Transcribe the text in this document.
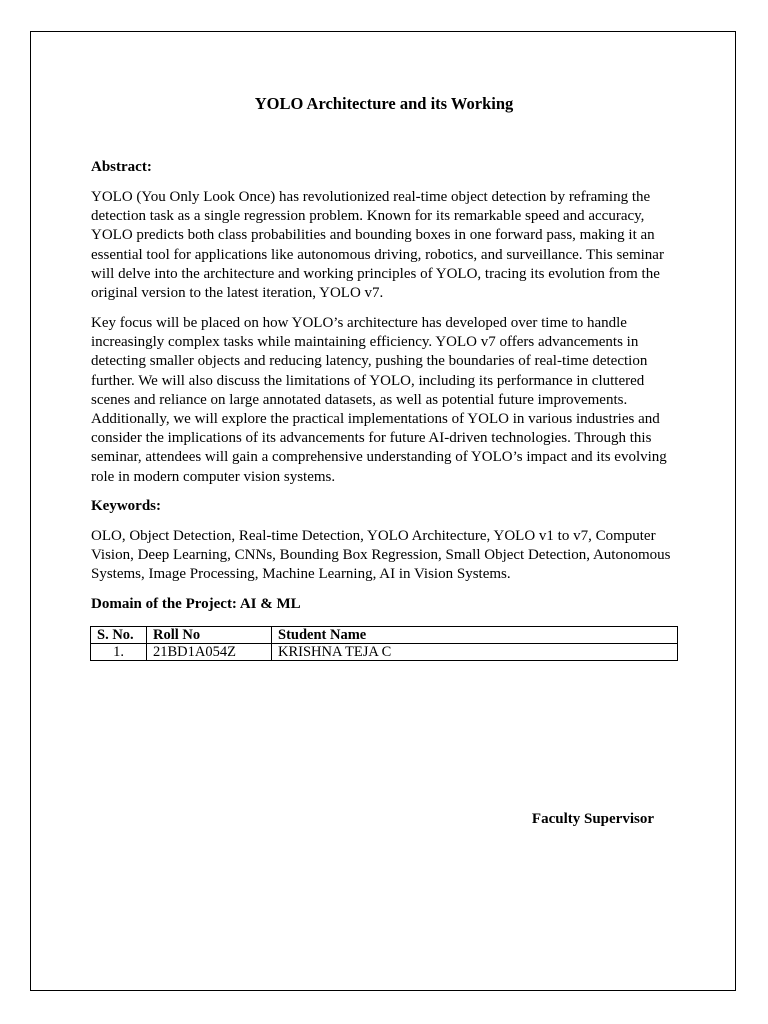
YOLO Architecture and its Working

Abstract:

YOLO (You Only Look Once) has revolutionized real-time object detection by reframing the detection task as a single regression problem. Known for its remarkable speed and accuracy, YOLO predicts both class probabilities and bounding boxes in one forward pass, making it an essential tool for applications like autonomous driving, robotics, and surveillance. This seminar will delve into the architecture and working principles of YOLO, tracing its evolution from the original version to the latest iteration, YOLO v7.

Key focus will be placed on how YOLO’s architecture has developed over time to handle increasingly complex tasks while maintaining efficiency. YOLO v7 offers advancements in detecting smaller objects and reducing latency, pushing the boundaries of real-time detection further. We will also discuss the limitations of YOLO, including its performance in cluttered scenes and reliance on large annotated datasets, as well as potential future improvements. Additionally, we will explore the practical implementations of YOLO in various industries and consider the implications of its advancements for future AI-driven technologies. Through this seminar, attendees will gain a comprehensive understanding of YOLO’s impact and its evolving role in modern computer vision systems.

Keywords:

OLO, Object Detection, Real-time Detection, YOLO Architecture, YOLO v1 to v7, Computer Vision, Deep Learning, CNNs, Bounding Box Regression, Small Object Detection, Autonomous Systems, Image Processing, Machine Learning, AI in Vision Systems.

Domain of the Project: AI & ML

S. No.	Roll No	Student Name
1.	21BD1A054Z	KRISHNA TEJA C

Faculty Supervisor
